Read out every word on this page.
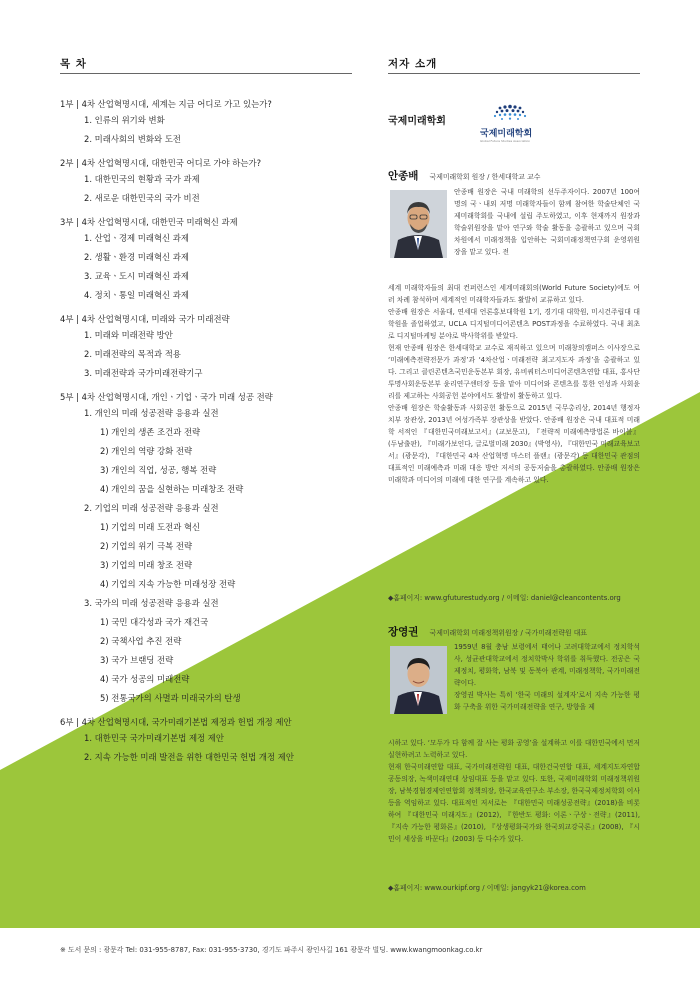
목 차	저자 소개
1부 | 4차 산업혁명시대, 세계는 지금 어디로 가고 있는가?
1. 인류의 위기와 변화
2. 미래사회의 변화와 도전
2부 | 4차 산업혁명시대, 대한민국 어디로 가야 하는가?
1. 대한민국의 현황과 국가 과제
2. 새로운 대한민국의 국가 비전
3부 | 4차 산업혁명시대, 대한민국 미래혁신 과제
1. 산업ㆍ경제 미래혁신 과제
2. 생활ㆍ환경 미래혁신 과제
3. 교육ㆍ도시 미래혁신 과제
4. 정치ㆍ통일 미래혁신 과제
4부 | 4차 산업혁명시대, 미래와 국가 미래전략
1. 미래와 미래전략 방안
2. 미래전략의 목적과 적용
3. 미래전략과 국가미래전략기구
5부 | 4차 산업혁명시대, 개인ㆍ기업ㆍ국가 미래 성공 전략
1. 개인의 미래 성공전략 응용과 실전
1) 개인의 생존 조건과 전략
2) 개인의 역량 강화 전략
3) 개인의 직업, 성공, 행복 전략
4) 개인의 꿈을 실현하는 미래창조 전략
2. 기업의 미래 성공전략 응용과 실전
1) 기업의 미래 도전과 혁신
2) 기업의 위기 극복 전략
3) 기업의 미래 창조 전략
4) 기업의 지속 가능한 미래성장 전략
3. 국가의 미래 성공전략 응용과 실전
1) 국민 대각성과 국가 재건국
2) 국책사업 추진 전략
3) 국가 브랜딩 전략
4) 국가 성공의 미래전략
5) 전통국가의 사멸과 미래국가의 탄생
6부 | 4차 산업혁명시대, 국가미래기본법 제정과 헌법 개정 제안
1. 대한민국 국가미래기본법 제정 제안
2. 지속 가능한 미래 발전을 위한 대한민국 헌법 개정 제안
국제미래학회
국제미래학회
Global Future Studies Association
안종배 국제미래학회 원장 / 한세대학교 교수

안종배 원장은 국내 미래학의 선두주자이다. 2007년 100여 명의 국ㆍ내외 저명 미래학자들이 함께 참여한 학술단체인 국제미래학회를 국내에 설립 주도하였고, 이후 현재까지 원장과 학술위원장을 맡아 연구와 학술 활동을 총괄하고 있으며 국회 차원에서 미래정책을 입안하는 국회미래정책연구회 운영위원장을 맡고 있다. 전

세계 미래학자들의 최대 컨퍼런스인 세계미래회의(World Future Society)에도 여러 차례 참석하며 세계적인 미래학자들과도 활발히 교류하고 있다.

안종배 원장은 서울대, 연세대 언론홍보대학원 1기, 경기대 대학원, 미시건주립대 대학원을 졸업하였고, UCLA 디지털미디어콘텐츠 POST과정을 수료하였다. 국내 최초로 디지털마케팅 분야로 박사학위를 받았다.

현재 안종배 원장은 한세대학교 교수로 재직하고 있으며 미래창의캠퍼스 이사장으로 ‘미래예측전략전문가 과정’과 ‘4차산업ㆍ미래전략 최고지도자 과정’을 총괄하고 있다. 그리고 클린콘텐츠국민운동본부 회장, 유비쿼터스미디어콘텐츠연합 대표, 홍사단 투명사회운동본부 윤리연구센터장 등을 맡아 미디어와 콘텐츠를 통한 인성과 사회윤리를 제고하는 사회공헌 분야에서도 활발히 활동하고 있다.

안종배 원장은 학술활동과 사회공헌 활동으로 2015년 국무총리상, 2014년 행정자치부 장관상, 2013년 여성가족부 장관상을 받았다. 안종배 원장은 국내 대표적 미래학 서적인 『대한민국미래보고서』(교보문고), 『전략적 미래예측방법론 바이블』(두남출판), 『미래가보인다, 글로벌미래 2030』(박영사), 『대한민국 미래교육보고서』(광문각), 『대한민국 4차 산업혁명 마스터 플랜』(광문각) 등 대한민국 관점의 대표적인 미래예측과 미래 대응 방안 저서의 공동저술을 총괄하였다. 안종배 원장은 미래학과 미디어의 미래에 대한 연구를 계속하고 있다.

◆홈페이지: www.gfuturestudy.org / 이메일: daniel@cleancontents.org
장영권 국제미래학회 미래정책위원장 / 국가미래전략원 대표

1959년 8월 충남 보령에서 태어나 고려대학교에서 정치학석사, 성균관대학교에서 정치학박사 학위를 취득했다. 전공은 국제정치, 평화학, 남북 및 동북아 관계, 미래정책학, 국가미래전략이다.

장영권 박사는 특히 ‘한국 미래의 설계자’로서 지속 가능한 평화 구축을 위한 국가미래전략을 연구, 방향을 제

시하고 있다. ‘모두가 다 함께 잘 사는 평화 공영’을 설계하고 이를 대한민국에서 먼저 실현하려고 노력하고 있다.

현재 한국미래연합 대표, 국가미래전략원 대표, 대한건국연합 대표, 세계지도자연합 공동의장, 녹색미래연대 상임대표 등을 맡고 있다. 또한, 국제미래학회 미래정책위원장, 남북경협경제인연합회 정책의장, 한국교육연구소 부소장, 한국국제정치학회 이사 등을 역임하고 있다. 대표적인 저서로는 『대한민국 미래성공전략』(2018)을 비롯하여 『대한민국 미래지도』(2012), 『한반도 평화: 이론ㆍ구상ㆍ전략』(2011), 『지속 가능한 평화론』(2010), 『상생평화국가와 한국외교강국론』(2008), 『시민이 세상을 바꾼다』(2003) 등 다수가 있다.

◆홈페이지: www.ourkipf.org / 이메일: jangyk21@korea.com
※ 도서 문의 : 광문각 Tel: 031-955-8787, Fax: 031-955-3730, 경기도 파주시 광인사길 161 광문각 빌딩. www.kwangmoonkag.co.kr
